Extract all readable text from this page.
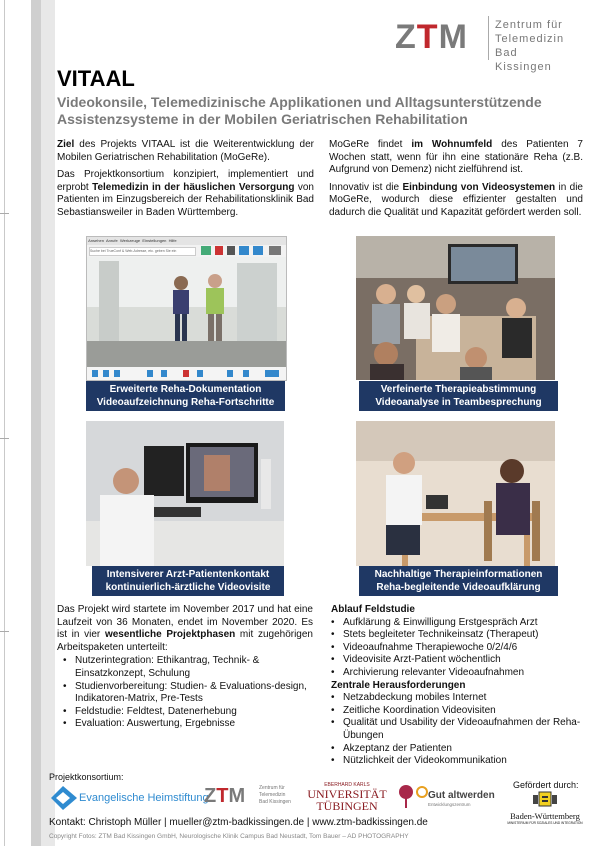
ZTM Zentrum für
Telemedizin
Bad Kissingen
VITAAL
Videokonsile, Telemedizinische Applikationen und Alltagsunterstützende Assistenzsysteme in der Mobilen Geriatrischen Rehabilitation

Ziel des Projekts VITAAL ist die Weiterentwicklung der Mobilen Geriatrischen Rehabilitation (MoGeRe).

Das Projektkonsortium konzipiert, implementiert und erprobt Telemedizin in der häuslichen Versorgung von Patienten im Einzugsbereich der Rehabilitationsklinik Bad Sebastiansweiler in Baden Württemberg.

MoGeRe findet im Wohnumfeld des Patienten 7 Wochen statt, wenn für ihn eine stationäre Reha (z.B. Aufgrund von Demenz) nicht zielführend ist.

Innovativ ist die Einbindung von Videosystemen in die MoGeRe, wodurch diese effizienter gestalten und dadurch die Qualität und Kapazität gefördert werden soll.

Ansehen Anrufe Werkzeuge Einstellungen Hilfe
Suche bei TrueConf & Web-Adresse, etc. geben Sie ein
Erweiterte Reha-Dokumentation
Videoaufzeichnung Reha-Fortschritte
Verfeinerte Therapieabstimmung
Videoanalyse in Teambesprechung
Intensiverer Arzt-Patientenkontakt
kontinuierlich-ärztliche Videovisite
Nachhaltige Therapieinformationen
Reha-begleitende Videoaufklärung

Das Projekt wird startete im November 2017 und hat eine Laufzeit von 36 Monaten, endet im November 2020. Es ist in vier wesentliche Projektphasen mit zugehörigen Arbeitspaketen unterteilt:

• Nutzerintegration: Ethikantrag, Technik- & Einsatzkonzept, Schulung
• Studienvorbereitung: Studien- & Evaluations-design, Indikatoren-Matrix, Pre-Tests
• Feldstudie: Feldtest, Datenerhebung
• Evaluation: Auswertung, Ergebnisse
Ablauf Feldstudie
• Aufklärung & Einwilligung Erstgespräch Arzt
• Stets begleiteter Technikeinsatz (Therapeut)
• Videoaufnahme Therapiewoche 0/2/4/6
• Videovisite Arzt-Patient wöchentlich
• Archivierung relevanter Videoaufnahmen
Zentrale Herausforderungen
• Netzabdeckung mobiles Internet
• Zeitliche Koordination Videovisiten
• Qualität und Usability der Videoaufnahmen der Reha-Übungen
• Akzeptanz der Patienten
• Nützlichkeit der Videokommunikation
Projektkonsortium:
Gefördert durch:
Evangelische Heimstiftung
ZTM	Zentrum für
Telemedizin
Bad Kissingen
EBERHARD KARLS
UNIVERSITÄT
TÜBINGEN
Gut altwerden
Entwicklungszentrum
Baden-Württemberg
MINISTERIUM FÜR SOZIALES UND INTEGRATION
Kontakt: Christoph Müller | mueller@ztm-badkissingen.de | www.ztm-badkissingen.de
Copyright Fotos: ZTM Bad Kissingen GmbH, Neurologische Klinik Campus Bad Neustadt, Tom Bauer – AD PHOTOGRAPHY
